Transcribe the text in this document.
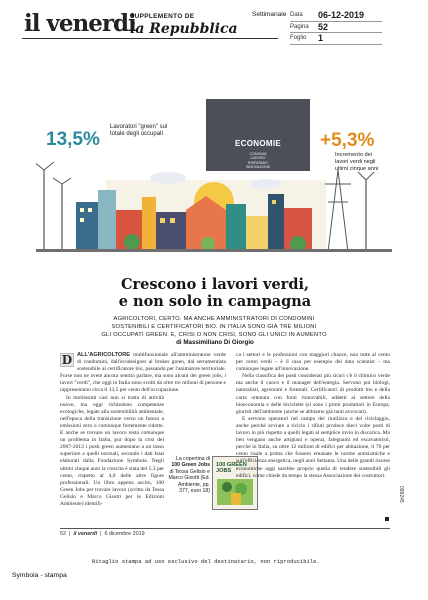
il venerdi
SUPPLEMENTO DE
la Repubblica
Settimanale Data	06-12-2019
Pagina	52
Foglio	1
ECONOMIE
CONSUMI
LAVORO
RISPARMIO
INNOVAZIONE
13,5%
Lavoratori "green" sul totale degli occupati	+5,3%
Incremento dei lavori verdi negli ultimi cinque anni
Crescono i lavori verdi,
e non solo in campagna
AGRICOLTORI, CERTO. MA ANCHE AMMINISTRATORI DI CONDOMINI
SOSTENIBILI E CERTIFICATORI BIO. IN ITALIA SONO GIÀ TRE MILIONI
GLI OCCUPATI GREEN. E, CRISI O NON CRISI, SONO GLI UNICI IN AUMENTO
di Massimiliano Di Giorgio

D ALL'AGRICOLTORE multifunzionale all'amministratore verde di condomini, dall'ecodesigner al broker green, dal serramentista sostenibile al certificatore bio, passando per l'animatore territoriale. Forse non ne avete ancora sentito parlare, ma sono alcuni dei green jobs, i lavori "verdi", che oggi in Italia sono svolti da oltre tre milioni di persone e rappresentano circa il 13,5 per cento dell'occupazione.

In moltissimi casi non si tratta di attività nuove, ma oggi richiedono competenze ecologiche, legate alla sostenibilità ambientale, nell'epoca della transizione verso un futuro a emissioni zero o comunque fortemente ridotte. E anche se trovare un lavoro resta comunque un problema in Italia, pur dopo la crisi del 2007-2013 i posti green aumentano a un tasso superiore a quelli normali, secondo i dati Istat elaborati dalla Fondazione Symbola. Negli ultimi cinque anni la crescita è stata del 5,3 per cento, rispetto al 4,0 delle altre figure professionali. Un libro appena uscito, 100 Green Jobs per trovare lavoro (scritto da Tessa Gelisio e Marco Gisotti per le Edizioni Ambiente) identifi-

La copertina di
100 Green Jobs
di Tessa Gelisio e Marco Gisotti (Ed. Ambiente, pp. 377, euro 18)
100 GREEN JOBS

ca i settori e le professioni con maggiori chance, non tutte al cento per cento verdi – è il caso per esempio del data scientist – ma comunque legate all'innovazione.

Nella classifica dei posti considerati più sicuri c'è il chimico verde ma anche il cuoco e il manager dell'energia. Servono poi biologi, naturalisti, agronomi e forestali. Certificatori di prodotti bio e della carta ottenuta con fonti rinnovabili, addetti al settore della bioeconomia e delle biciclette (si sono i primi produttori in Europa, giuristi dell'ambiente (anche se abbiamo già tanti avvocati).

E servono operatori nel campo del riutilizzo e del riciclaggio, anche perché avviare a riciclo i rifiuti produce dieci volte posti di lavoro in più rispetto a quelli legati al semplice invio in discarica. Ma ben vengano anche artigiani e operai, falegnami ed escavatoristi, perché in Italia, su oltre 12 milioni di edifici per abitazione, il 70 per cento risale a prima che fossero emanate le norme antisismiche e sull'efficienza energetica, negli anni Settanta. Una delle grandi risorse economiche oggi sarebbe proprio quella di rendere sostenibili gli edifici, come chiede da tempo la stessa Associazione dei costruttori.

52  |  il venerdì  |  6 dicembre 2019
Ritaglio stampa ad uso esclusivo del destinatario, non riproducibile.
Symbola - stampa
099245
